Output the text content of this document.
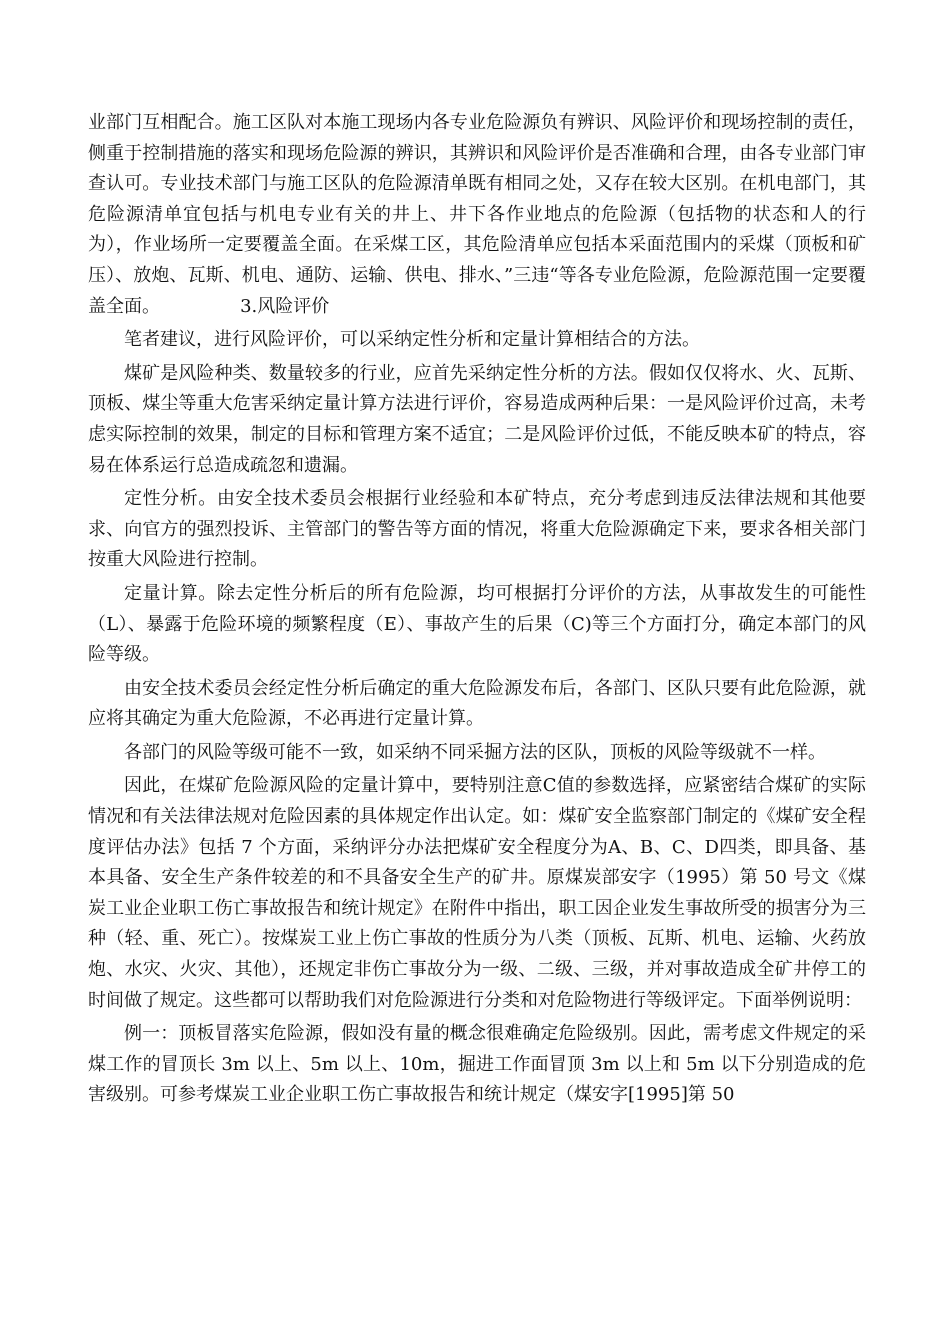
业部门互相配合。施工区队对本施工现场内各专业危险源负有辨识、风险评价和现场控制的责任，侧重于控制措施的落实和现场危险源的辨识，其辨识和风险评价是否准确和合理，由各专业部门审查认可。专业技术部门与施工区队的危险源清单既有相同之处，又存在较大区别。在机电部门，其危险源清单宜包括与机电专业有关的井上、井下各作业地点的危险源（包括物的状态和人的行为），作业场所一定要覆盖全面。在采煤工区，其危险清单应包括本采面范围内的采煤（顶板和矿压）、放炮、瓦斯、机电、通防、运输、供电、排水、”三违“等各专业危险源，危险源范围一定要覆盖全面。              3.风险评价

笔者建议，进行风险评价，可以采纳定性分析和定量计算相结合的方法。

煤矿是风险种类、数量较多的行业，应首先采纳定性分析的方法。假如仅仅将水、火、瓦斯、顶板、煤尘等重大危害采纳定量计算方法进行评价，容易造成两种后果：一是风险评价过高，未考虑实际控制的效果，制定的目标和管理方案不适宜；二是风险评价过低，不能反映本矿的特点，容易在体系运行总造成疏忽和遗漏。

定性分析。由安全技术委员会根据行业经验和本矿特点，充分考虑到违反法律法规和其他要求、向官方的强烈投诉、主管部门的警告等方面的情况，将重大危险源确定下来，要求各相关部门按重大风险进行控制。

定量计算。除去定性分析后的所有危险源，均可根据打分评价的方法，从事故发生的可能性（L）、暴露于危险环境的频繁程度（E）、事故产生的后果（C)等三个方面打分，确定本部门的风险等级。

由安全技术委员会经定性分析后确定的重大危险源发布后，各部门、区队只要有此危险源，就应将其确定为重大危险源，不必再进行定量计算。

各部门的风险等级可能不一致，如采纳不同采掘方法的区队，顶板的风险等级就不一样。

因此，在煤矿危险源风险的定量计算中，要特别注意C值的参数选择，应紧密结合煤矿的实际情况和有关法律法规对危险因素的具体规定作出认定。如：煤矿安全监察部门制定的《煤矿安全程度评估办法》包括 7 个方面，采纳评分办法把煤矿安全程度分为A、B、C、D四类，即具备、基本具备、安全生产条件较差的和不具备安全生产的矿井。原煤炭部安字（1995）第 50 号文《煤炭工业企业职工伤亡事故报告和统计规定》在附件中指出，职工因企业发生事故所受的损害分为三种（轻、重、死亡）。按煤炭工业上伤亡事故的性质分为八类（顶板、瓦斯、机电、运输、火药放炮、水灾、火灾、其他），还规定非伤亡事故分为一级、二级、三级，并对事故造成全矿井停工的时间做了规定。这些都可以帮助我们对危险源进行分类和对危险物进行等级评定。下面举例说明：

例一：顶板冒落实危险源，假如没有量的概念很难确定危险级别。因此，需考虑文件规定的采煤工作的冒顶长 3m 以上、5m 以上、10m，掘进工作面冒顶 3m 以上和 5m 以下分别造成的危害级别。可参考煤炭工业企业职工伤亡事故报告和统计规定（煤安字[1995]第 50
